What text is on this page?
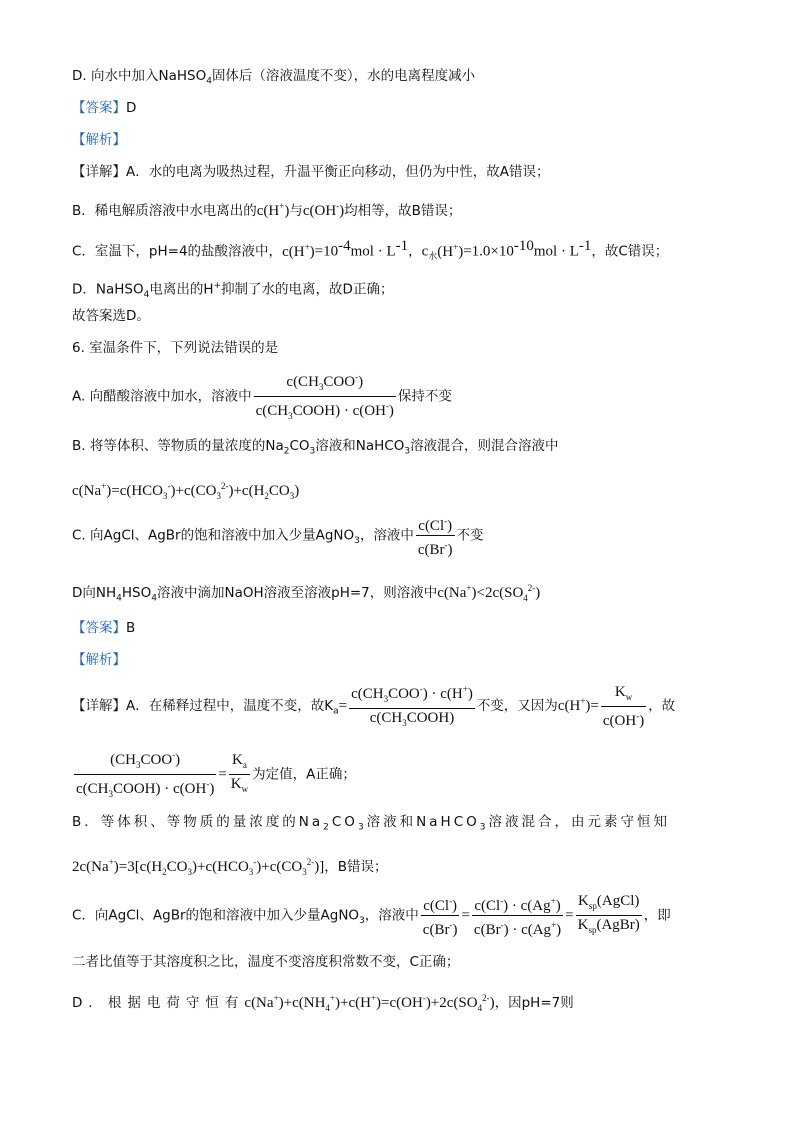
D. 向水中加入NaHSO$_4$固体后（溶液温度不变），水的电离程度减小
【答案】D
【解析】
【详解】A．水的电离为吸热过程，升温平衡正向移动，但仍为中性，故A错误；
B．稀电解质溶液中水电离出的c(H+)与c(OH-)均相等，故B错误；
C．室温下，pH=4的盐酸溶液中，$c(H^+)=10^{-4}mol \cdot L^{-1}$，$c_水(H^+)=1.0\times 10^{-10}mol \cdot L^{-1}$，故C错误；
D．NaHSO$_4$电离出的H+抑制了水的电离，故D正确；
故答案选D。
6. 室温条件下，下列说法错误的是
A. 向醋酸溶液中加水，溶液中 $\frac{c(CH_3COO^-)}{c(CH_3COOH) \cdot c(OH^-)}$ 保持不变
B. 将等体积、等物质的量浓度的$Na_2CO_3$溶液和NaHCO$_3$溶液混合，则混合溶液中
$c(Na^+)=c(HCO_3^-)+c(CO_3^{2-})+c(H_2CO_3)$
C. 向AgCl、AgBr的饱和溶液中加入少量AgNO$_3$，溶液中 $\frac{c(Cl^-)}{c(Br^-)}$ 不变
D向$NH_4HSO_4$溶液中滴加NaOH溶液至溶液pH=7，则溶液中$c(Na^+)<2c(SO_4^{2-})$
【答案】B
【解析】
【详解】A．在稀释过程中，温度不变，故$K_a= \frac{c(CH_3COO^-) \cdot c(H^+)}{c(CH_3COOH)}$ 不变，又因为$c(H^+)= \frac{K_w}{c(OH^-)}$ ，故
$\frac{(CH_3COO^-)}{c(CH_3COOH) \cdot c(OH^-)} = \frac{K_a}{K_w}$ 为定值，A正确；
B．等体积、等物质的量浓度的$Na_2CO_3$溶液和NaHCO$_3$溶液混合，由元素守恒知
$2c(Na^+)=3[c(H_2CO_3)+c(HCO_3^-)+c(CO_3^{2-})]$，B错误；
C．向AgCl、AgBr的饱和溶液中加入少量AgNO$_3$，溶液中 $\frac{c(Cl^-)}{c(Br^-)} = \frac{c(Cl^-) \cdot c(Ag^+)}{c(Br^-) \cdot c(Ag^+)} = \frac{K_{sp}(AgCl)}{K_{sp}(AgBr)}$ ，即
二者比值等于其溶度积之比，温度不变溶度积常数不变，C正确；
D．根据电荷守恒有$c(Na^+)+c(NH_4^+)+c(H^+)=c(OH^-)+2c(SO_4^{2-})$，因pH=7则
